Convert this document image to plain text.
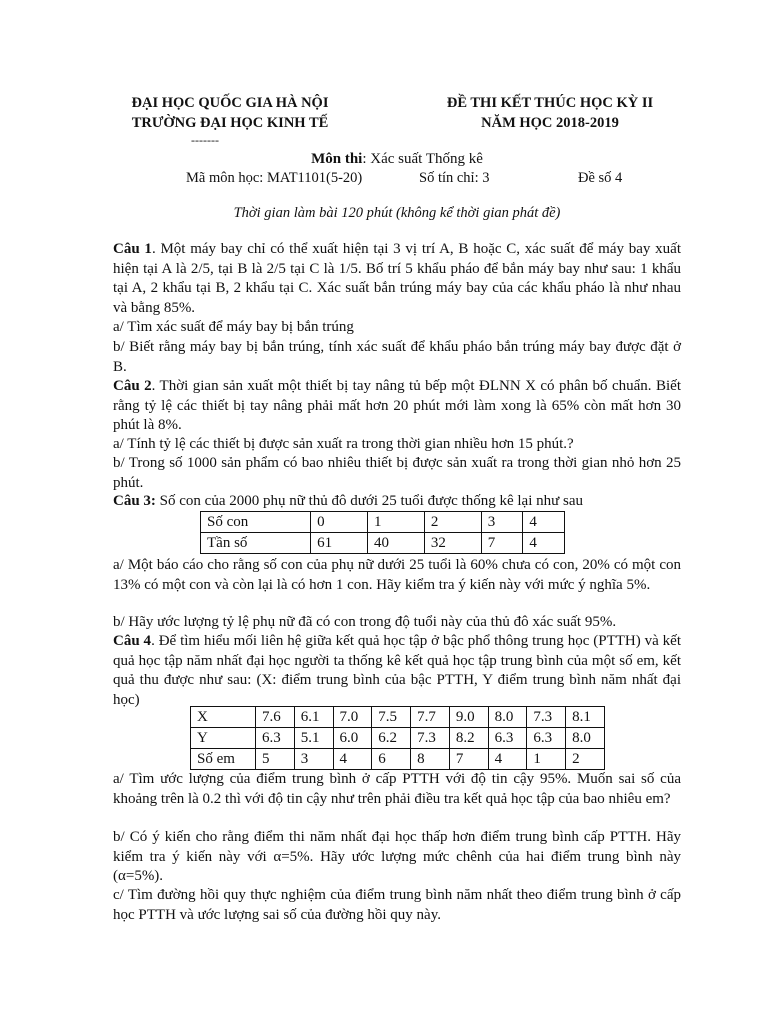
ĐẠI HỌC QUỐC GIA HÀ NỘI
TRƯỜNG ĐẠI HỌC KINH TẾ
-------
ĐỀ THI KẾT THÚC HỌC KỲ II
NĂM HỌC 2018-2019
Môn thi: Xác suất Thống kê
Mã môn học: MAT1101(5-20)	Số tín chỉ: 3	Đề số 4
Thời gian làm bài 120 phút (không kể thời gian phát đề)
Câu 1. Một máy bay chỉ có thể xuất hiện tại 3 vị trí A, B hoặc C, xác suất để máy bay xuất hiện tại A là 2/5, tại B là 2/5 tại C là 1/5. Bố trí 5 khẩu pháo để bắn máy bay như sau: 1 khẩu tại A, 2 khẩu tại B, 2 khẩu tại C. Xác suất bắn trúng máy bay của các khẩu pháo là như nhau và bằng 85%.
a/ Tìm xác suất để máy bay bị bắn trúng
b/ Biết rằng máy bay bị bắn trúng, tính xác suất để khẩu pháo bắn trúng máy bay được đặt ở B.
Câu 2. Thời gian sản xuất một thiết bị tay nâng tủ bếp một ĐLNN X có phân bố chuẩn. Biết rằng tỷ lệ các thiết bị tay nâng phải mất hơn 20 phút mới làm xong là 65% còn mất hơn 30 phút là 8%.
a/ Tính tỷ lệ các thiết bị được sản xuất ra trong thời gian nhiều hơn 15 phút.?
b/ Trong số 1000 sản phẩm có bao nhiêu thiết bị được sản xuất ra trong thời gian nhỏ hơn 25 phút.
Câu 3: Số con của 2000 phụ nữ thủ đô dưới 25 tuổi được thống kê lại như sau
Số con	0	1	2	3	4
Tần số	61	40	32	7	4
a/ Một báo cáo cho rằng số con của phụ nữ dưới 25 tuổi là 60% chưa có con, 20% có một con 13% có một con và còn lại là có hơn 1 con. Hãy kiểm tra ý kiến này với mức ý nghĩa 5%.
b/ Hãy ước lượng tỷ lệ phụ nữ đã có con trong độ tuổi này của thủ đô xác suất 95%.
Câu 4. Để tìm hiểu mối liên hệ giữa kết quả học tập ở bậc phổ thông trung học (PTTH) và kết quả học tập năm nhất đại học người ta thống kê kết quả học tập trung bình của một số em, kết quả thu được như sau: (X: điểm trung bình của bậc PTTH, Y điểm trung bình năm nhất đại học)
X	7.6	6.1	7.0	7.5	7.7	9.0	8.0	7.3	8.1
Y	6.3	5.1	6.0	6.2	7.3	8.2	6.3	6.3	8.0
Số em	5	3	4	6	8	7	4	1	2
a/ Tìm ước lượng của điểm trung bình ở cấp PTTH với độ tin cậy 95%. Muốn sai số của khoảng trên là 0.2 thì với độ tin cậy như trên phải điều tra kết quả học tập của bao nhiêu em?
b/ Có ý kiến cho rằng điểm thi năm nhất đại học thấp hơn điểm trung bình cấp PTTH. Hãy kiểm tra ý kiến này với α=5%. Hãy ước lượng mức chênh của hai điểm trung bình này (α=5%).
c/ Tìm đường hồi quy thực nghiệm của điểm trung bình năm nhất theo điểm trung bình ở cấp học PTTH và ước lượng sai số của đường hồi quy này.
